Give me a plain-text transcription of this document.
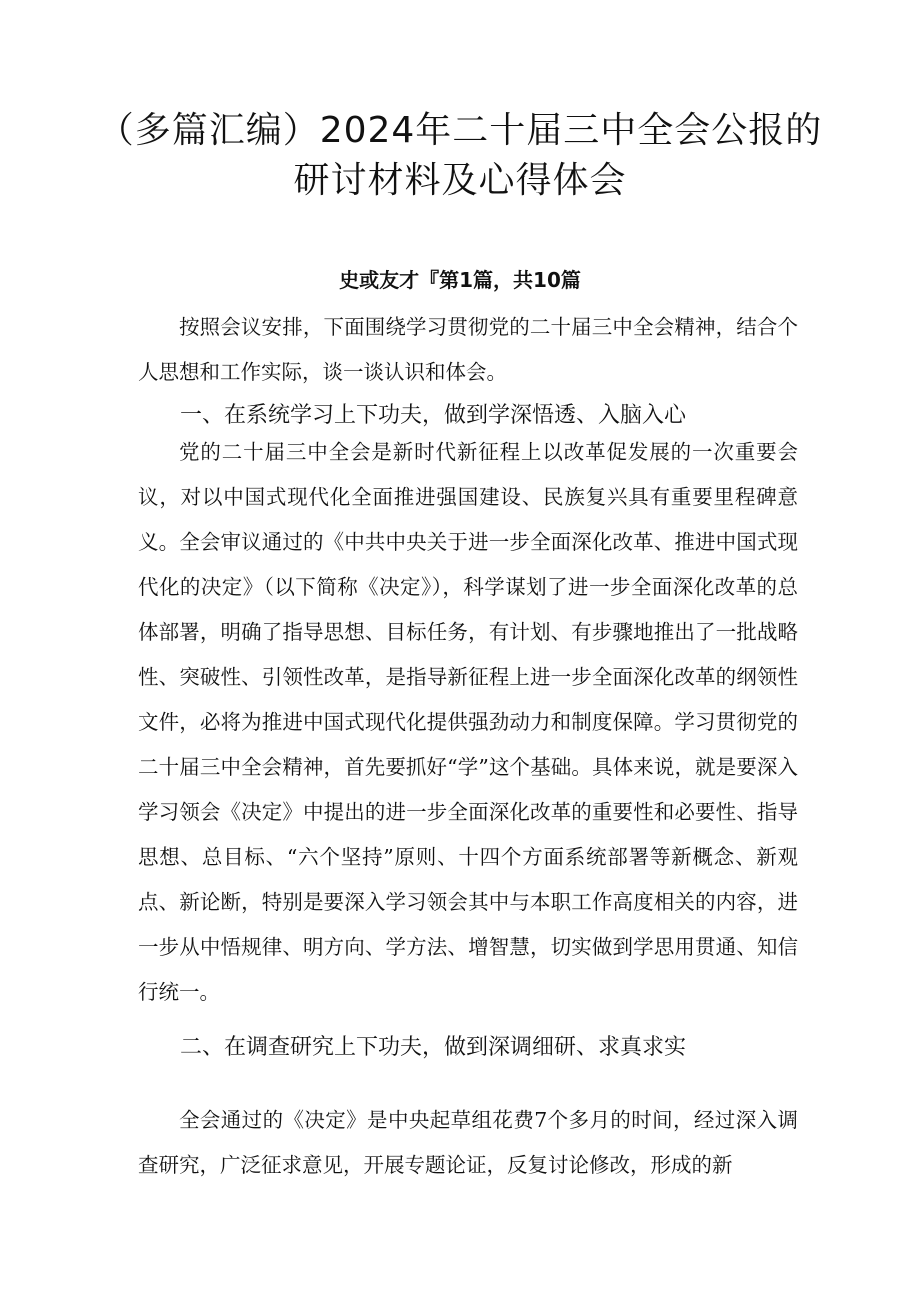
（多篇汇编）2024年二十届三中全会公报的
研讨材料及心得体会
史或友才『第1篇，共10篇

按照会议安排，下面围绕学习贯彻党的二十届三中全会精神，结合个人思想和工作实际，谈一谈认识和体会。

一、在系统学习上下功夫，做到学深悟透、入脑入心

党的二十届三中全会是新时代新征程上以改革促发展的一次重要会议，对以中国式现代化全面推进强国建设、民族复兴具有重要里程碑意义。全会审议通过的《中共中央关于进一步全面深化改革、推进中国式现代化的决定》（以下简称《决定》），科学谋划了进一步全面深化改革的总体部署，明确了指导思想、目标任务，有计划、有步骤地推出了一批战略性、突破性、引领性改革，是指导新征程上进一步全面深化改革的纲领性文件，必将为推进中国式现代化提供强劲动力和制度保障。学习贯彻党的二十届三中全会精神，首先要抓好“学”这个基础。具体来说，就是要深入学习领会《决定》中提出的进一步全面深化改革的重要性和必要性、指导思想、总目标、“六个坚持”原则、十四个方面系统部署等新概念、新观点、新论断，特别是要深入学习领会其中与本职工作高度相关的内容，进一步从中悟规律、明方向、学方法、增智慧，切实做到学思用贯通、知信行统一。

二、在调查研究上下功夫，做到深调细研、求真求实

全会通过的《决定》是中央起草组花费7个多月的时间，经过深入调查研究，广泛征求意见，开展专题论证，反复讨论修改，形成的新
